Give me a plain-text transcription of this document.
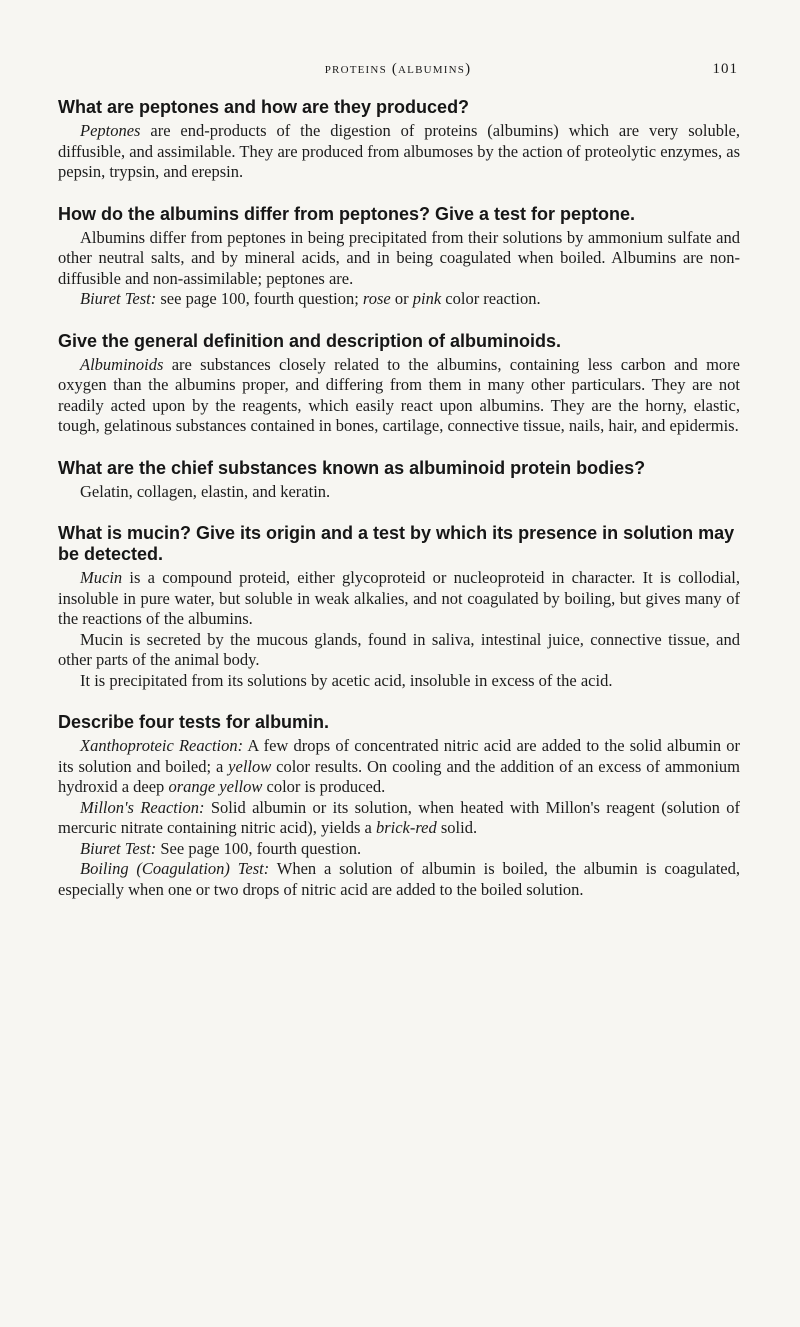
proteins (albumins)	101
What are peptones and how are they produced?

Peptones are end-products of the digestion of proteins (albumins) which are very soluble, diffusible, and assimilable. They are produced from albumoses by the action of proteolytic enzymes, as pepsin, trypsin, and erepsin.

How do the albumins differ from peptones? Give a test for peptone.

Albumins differ from peptones in being precipitated from their solutions by ammonium sulfate and other neutral salts, and by mineral acids, and in being coagulated when boiled. Albumins are non-diffusible and non-assimilable; peptones are.

Biuret Test: see page 100, fourth question; rose or pink color reaction.

Give the general definition and description of albuminoids.

Albuminoids are substances closely related to the albumins, containing less carbon and more oxygen than the albumins proper, and differing from them in many other particulars. They are not readily acted upon by the reagents, which easily react upon albumins. They are the horny, elastic, tough, gelatinous substances contained in bones, cartilage, connective tissue, nails, hair, and epidermis.

What are the chief substances known as albuminoid protein bodies?

Gelatin, collagen, elastin, and keratin.

What is mucin? Give its origin and a test by which its presence in solution may be detected.

Mucin is a compound proteid, either glycoproteid or nucleoproteid in character. It is collodial, insoluble in pure water, but soluble in weak alkalies, and not coagulated by boiling, but gives many of the reactions of the albumins.

Mucin is secreted by the mucous glands, found in saliva, intestinal juice, connective tissue, and other parts of the animal body.

It is precipitated from its solutions by acetic acid, insoluble in excess of the acid.

Describe four tests for albumin.

Xanthoproteic Reaction: A few drops of concentrated nitric acid are added to the solid albumin or its solution and boiled; a yellow color results. On cooling and the addition of an excess of ammonium hydroxid a deep orange yellow color is produced.

Millon's Reaction: Solid albumin or its solution, when heated with Millon's reagent (solution of mercuric nitrate containing nitric acid), yields a brick-red solid.

Biuret Test: See page 100, fourth question.

Boiling (Coagulation) Test: When a solution of albumin is boiled, the albumin is coagulated, especially when one or two drops of nitric acid are added to the boiled solution.
